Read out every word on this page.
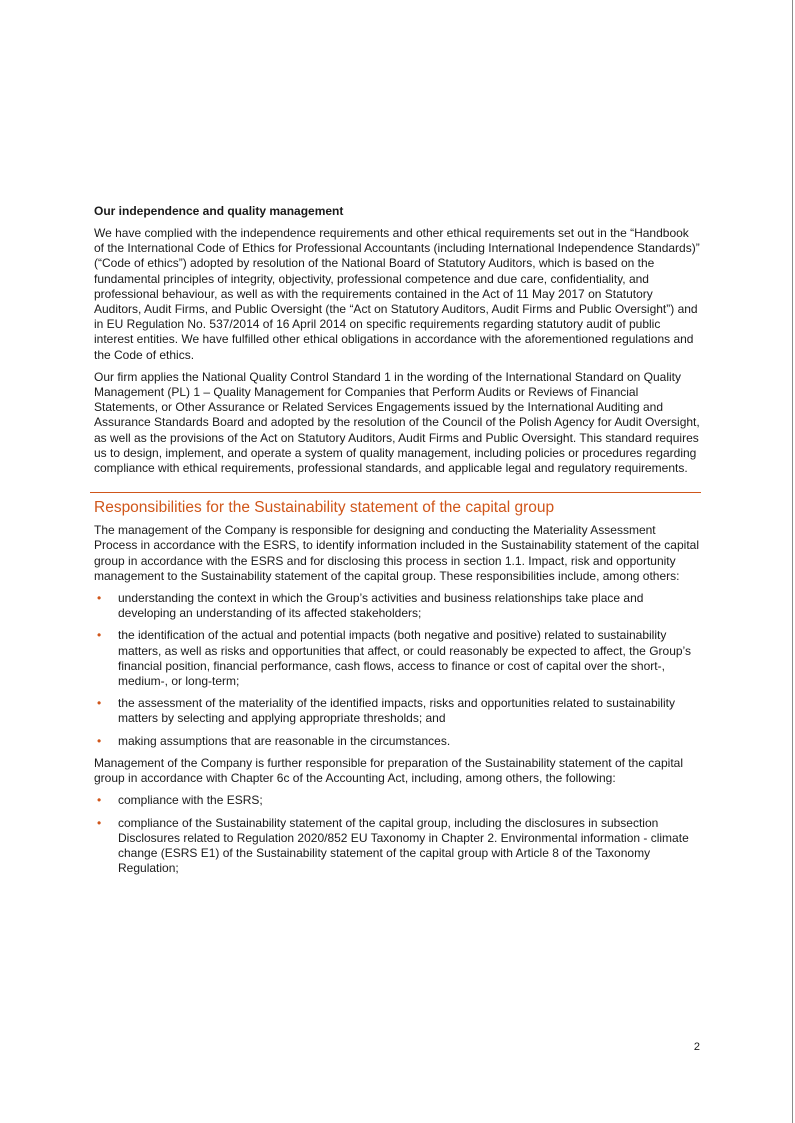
Our independence and quality management

We have complied with the independence requirements and other ethical requirements set out in the “Handbook of the International Code of Ethics for Professional Accountants (including International Independence Standards)” (“Code of ethics”) adopted by resolution of the National Board of Statutory Auditors, which is based on the fundamental principles of integrity, objectivity, professional competence and due care, confidentiality, and professional behaviour, as well as with the requirements contained in the Act of 11 May 2017 on Statutory Auditors, Audit Firms, and Public Oversight (the “Act on Statutory Auditors, Audit Firms and Public Oversight”) and in EU Regulation No. 537/2014 of 16 April 2014 on specific requirements regarding statutory audit of public interest entities. We have fulfilled other ethical obligations in accordance with the aforementioned regulations and the Code of ethics.

Our firm applies the National Quality Control Standard 1 in the wording of the International Standard on Quality Management (PL) 1 – Quality Management for Companies that Perform Audits or Reviews of Financial Statements, or Other Assurance or Related Services Engagements issued by the International Auditing and Assurance Standards Board and adopted by the resolution of the Council of the Polish Agency for Audit Oversight, as well as the provisions of the Act on Statutory Auditors, Audit Firms and Public Oversight. This standard requires us to design, implement, and operate a system of quality management, including policies or procedures regarding compliance with ethical requirements, professional standards, and applicable legal and regulatory requirements.

Responsibilities for the Sustainability statement of the capital group

The management of the Company is responsible for designing and conducting the Materiality Assessment Process in accordance with the ESRS, to identify information included in the Sustainability statement of the capital group in accordance with the ESRS and for disclosing this process in section 1.1. Impact, risk and opportunity management to the Sustainability statement of the capital group. These responsibilities include, among others:

• understanding the context in which the Group’s activities and business relationships take place and developing an understanding of its affected stakeholders;
• the identification of the actual and potential impacts (both negative and positive) related to sustainability matters, as well as risks and opportunities that affect, or could reasonably be expected to affect, the Group’s financial position, financial performance, cash flows, access to finance or cost of capital over the short-, medium-, or long-term;
• the assessment of the materiality of the identified impacts, risks and opportunities related to sustainability matters by selecting and applying appropriate thresholds; and
• making assumptions that are reasonable in the circumstances.

Management of the Company is further responsible for preparation of the Sustainability statement of the capital group in accordance with Chapter 6c of the Accounting Act, including, among others, the following:

• compliance with the ESRS;
• compliance of the Sustainability statement of the capital group, including the disclosures in subsection Disclosures related to Regulation 2020/852 EU Taxonomy in Chapter 2. Environmental information - climate change (ESRS E1) of the Sustainability statement of the capital group with Article 8 of the Taxonomy Regulation;
2
